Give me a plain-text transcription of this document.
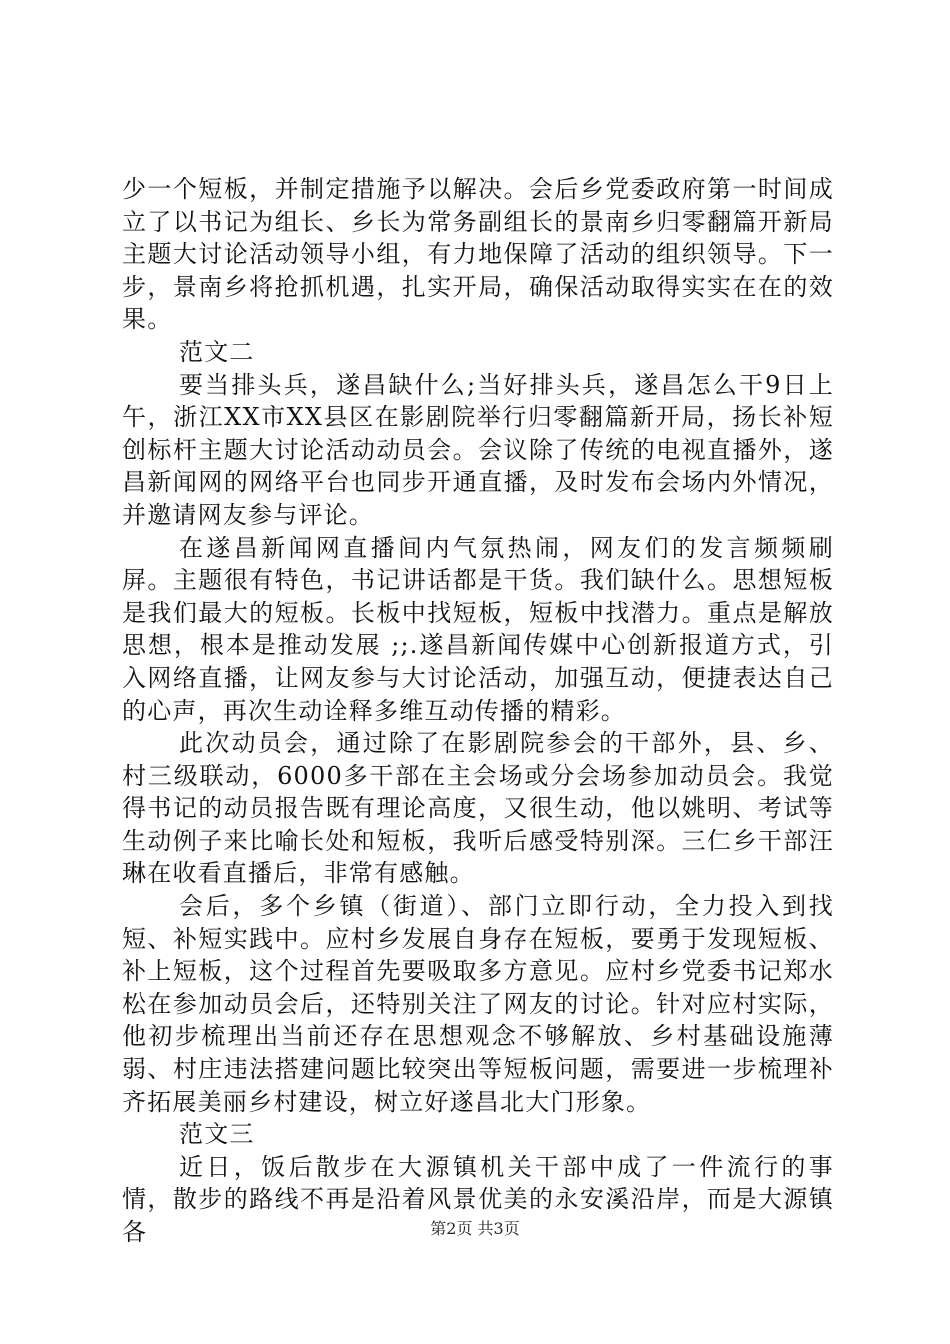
少一个短板，并制定措施予以解决。会后乡党委政府第一时间成立了以书记为组长、乡长为常务副组长的景南乡归零翻篇开新局主题大讨论活动领导小组，有力地保障了活动的组织领导。下一步，景南乡将抢抓机遇，扎实开局，确保活动取得实实在在的效果。

范文二

要当排头兵，遂昌缺什么;当好排头兵，遂昌怎么干9日上午，浙江XX市XX县区在影剧院举行归零翻篇新开局，扬长补短创标杆主题大讨论活动动员会。会议除了传统的电视直播外，遂昌新闻网的网络平台也同步开通直播，及时发布会场内外情况，并邀请网友参与评论。

在遂昌新闻网直播间内气氛热闹，网友们的发言频频刷屏。主题很有特色，书记讲话都是干货。我们缺什么。思想短板是我们最大的短板。长板中找短板，短板中找潜力。重点是解放思想，根本是推动发展 ;;.遂昌新闻传媒中心创新报道方式，引入网络直播，让网友参与大讨论活动，加强互动，便捷表达自己的心声，再次生动诠释多维互动传播的精彩。

此次动员会，通过除了在影剧院参会的干部外，县、乡、村三级联动，6000多干部在主会场或分会场参加动员会。我觉得书记的动员报告既有理论高度，又很生动，他以姚明、考试等生动例子来比喻长处和短板，我听后感受特别深。三仁乡干部汪琳在收看直播后，非常有感触。

会后，多个乡镇（街道）、部门立即行动，全力投入到找短、补短实践中。应村乡发展自身存在短板，要勇于发现短板、补上短板，这个过程首先要吸取多方意见。应村乡党委书记郑水松在参加动员会后，还特别关注了网友的讨论。针对应村实际，他初步梳理出当前还存在思想观念不够解放、乡村基础设施薄弱、村庄违法搭建问题比较突出等短板问题，需要进一步梳理补齐拓展美丽乡村建设，树立好遂昌北大门形象。

范文三

近日，饭后散步在大源镇机关干部中成了一件流行的事情，散步的路线不再是沿着风景优美的永安溪沿岸，而是大源镇各	第2页 共3页
